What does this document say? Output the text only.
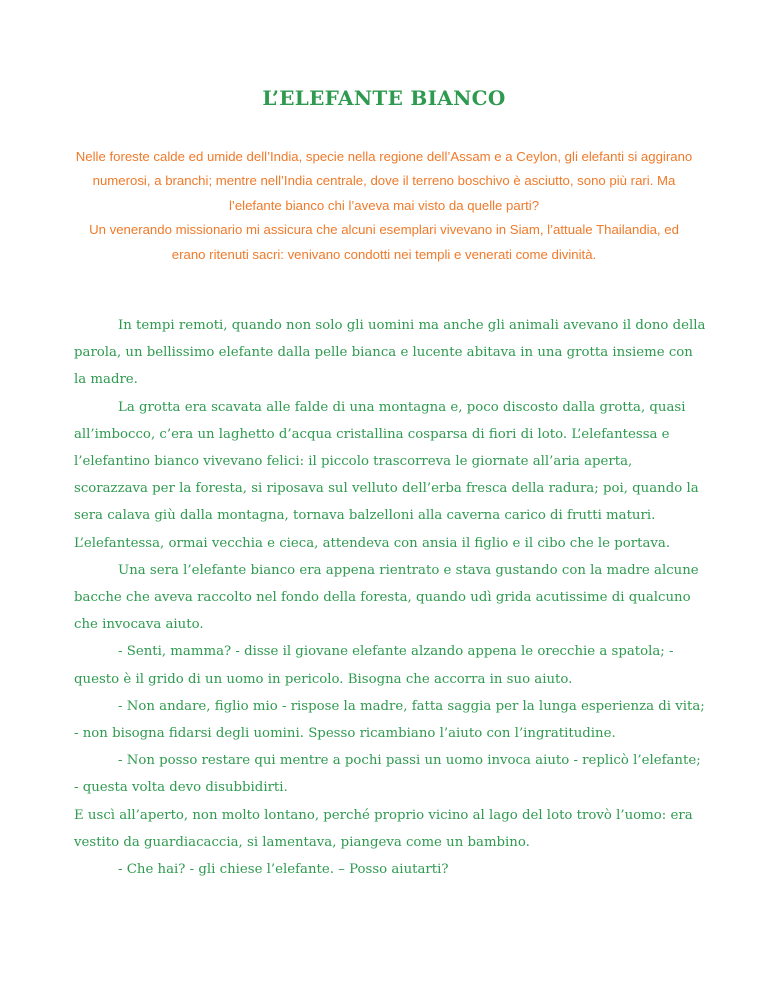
L’ELEFANTE BIANCO

Nelle foreste calde ed umide dell’India, specie nella regione dell’Assam e a Ceylon, gli elefanti si aggirano numerosi, a branchi; mentre nell’India centrale, dove il terreno boschivo è asciutto, sono più rari. Ma l’elefante bianco chi l’aveva mai visto da quelle parti?

Un venerando missionario mi assicura che alcuni esemplari vivevano in Siam, l’attuale Thailandia, ed erano ritenuti sacri: venivano condotti nei templi e venerati come divinità.

In tempi remoti, quando non solo gli uomini ma anche gli animali avevano il dono della parola, un bellissimo elefante dalla pelle bianca e lucente abitava in una grotta insieme con la madre.

La grotta era scavata alle falde di una montagna e, poco discosto dalla grotta, quasi all’imbocco, c’era un laghetto d’acqua cristallina cosparsa di fiori di loto. L’elefantessa e l’elefantino bianco vivevano felici: il piccolo trascorreva le giornate all’aria aperta, scorazzava per la foresta, si riposava sul velluto dell’erba fresca della radura; poi, quando la sera calava giù dalla montagna, tornava balzelloni alla caverna carico di frutti maturi. L’elefantessa, ormai vecchia e cieca, attendeva con ansia il figlio e il cibo che le portava.

Una sera l’elefante bianco era appena rientrato e stava gustando con la madre alcune bacche che aveva raccolto nel fondo della foresta, quando udì grida acutissime di qualcuno che invocava aiuto.

- Senti, mamma? - disse il giovane elefante alzando appena le orecchie a spatola; - questo è il grido di un uomo in pericolo. Bisogna che accorra in suo aiuto.

- Non andare, figlio mio - rispose la madre, fatta saggia per la lunga esperienza di vita; - non bisogna fidarsi degli uomini. Spesso ricambiano l’aiuto con l’ingratitudine.

- Non posso restare qui mentre a pochi passi un uomo invoca aiuto - replicò l’elefante; - questa volta devo disubbidirti.

E uscì all’aperto, non molto lontano, perché proprio vicino al lago del loto trovò l’uomo: era vestito da guardiacaccia, si lamentava, piangeva come un bambino.

- Che hai? - gli chiese l’elefante. – Posso aiutarti?
